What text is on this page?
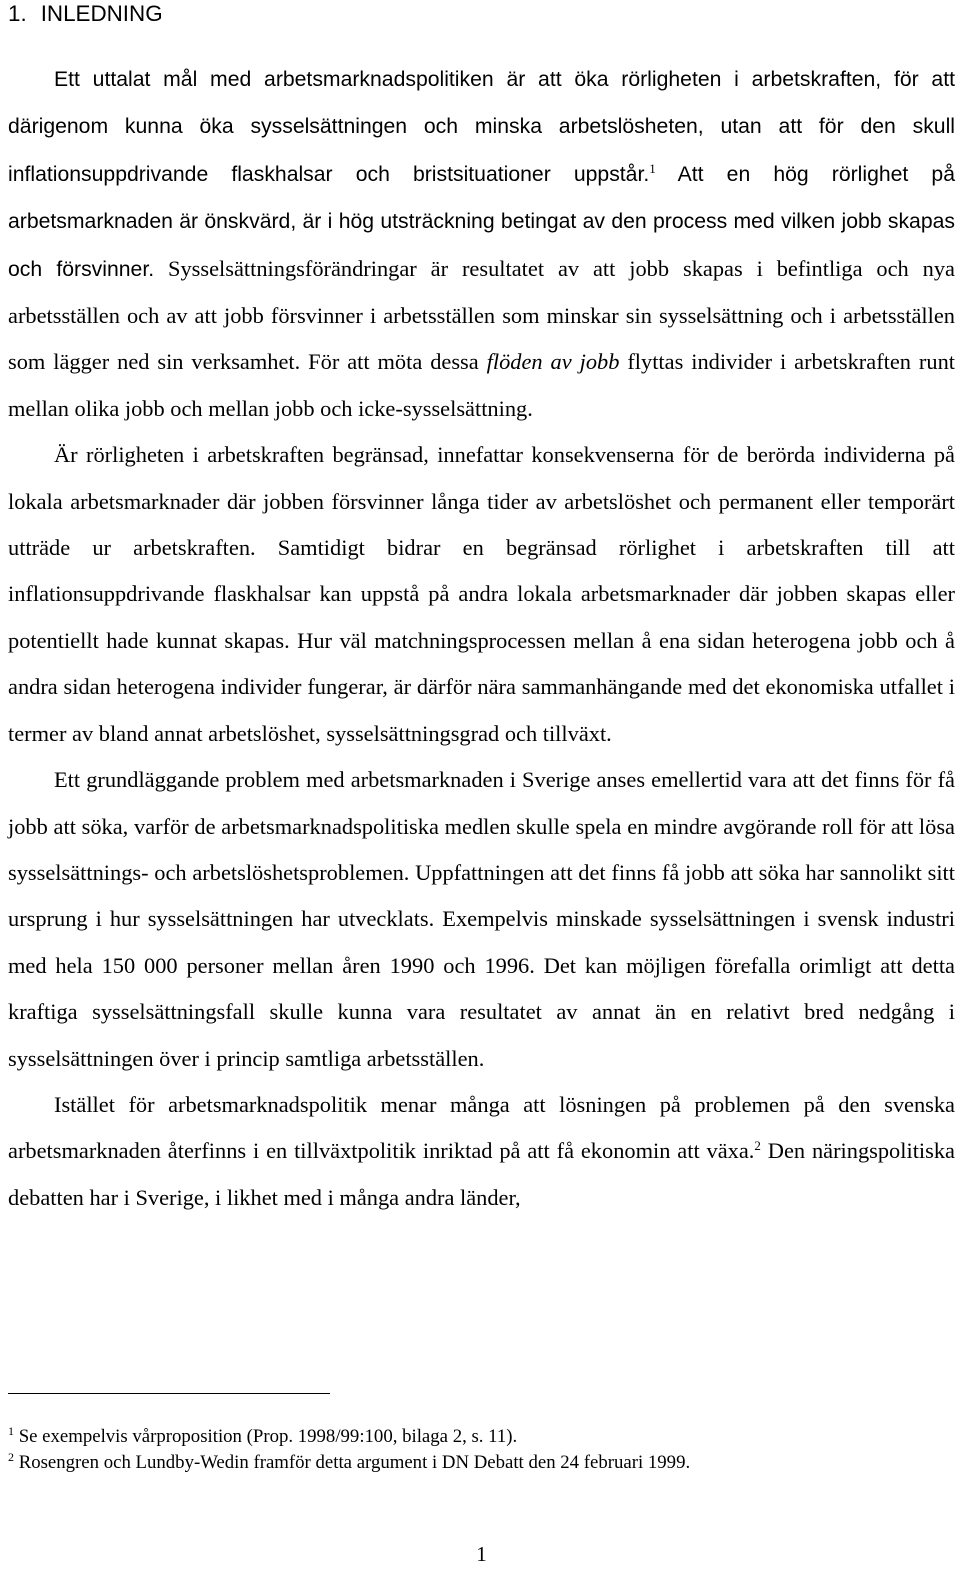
1. INLEDNING

Ett uttalat mål med arbetsmarknadspolitiken är att öka rörligheten i arbetskraften, för att därigenom kunna öka sysselsättningen och minska arbetslösheten, utan att för den skull inflationsuppdrivande flaskhalsar och bristsituationer uppstår.$^1$ Att en hög rörlighet på arbetsmarknaden är önskvärd, är i hög utsträckning betingat av den process med vilken jobb skapas och försvinner. Sysselsättningsförändringar är resultatet av att jobb skapas i befintliga och nya arbetsställen och av att jobb försvinner i arbetsställen som minskar sin sysselsättning och i arbetsställen som lägger ned sin verksamhet. För att möta dessa flöden av jobb flyttas individer i arbetskraften runt mellan olika jobb och mellan jobb och icke-sysselsättning.

Är rörligheten i arbetskraften begränsad, innefattar konsekvenserna för de berörda individerna på lokala arbetsmarknader där jobben försvinner långa tider av arbetslöshet och permanent eller temporärt utträde ur arbetskraften. Samtidigt bidrar en begränsad rörlighet i arbetskraften till att inflationsuppdrivande flaskhalsar kan uppstå på andra lokala arbetsmarknader där jobben skapas eller potentiellt hade kunnat skapas. Hur väl matchningsprocessen mellan å ena sidan heterogena jobb och å andra sidan heterogena individer fungerar, är därför nära sammanhängande med det ekonomiska utfallet i termer av bland annat arbetslöshet, sysselsättningsgrad och tillväxt.

Ett grundläggande problem med arbetsmarknaden i Sverige anses emellertid vara att det finns för få jobb att söka, varför de arbetsmarknadspolitiska medlen skulle spela en mindre avgörande roll för att lösa sysselsättnings- och arbetslöshetsproblemen. Uppfattningen att det finns få jobb att söka har sannolikt sitt ursprung i hur sysselsättningen har utvecklats. Exempelvis minskade sysselsättningen i svensk industri med hela 150 000 personer mellan åren 1990 och 1996. Det kan möjligen förefalla orimligt att detta kraftiga sysselsättningsfall skulle kunna vara resultatet av annat än en relativt bred nedgång i sysselsättningen över i princip samtliga arbetsställen.

Istället för arbetsmarknadspolitik menar många att lösningen på problemen på den svenska arbetsmarknaden återfinns i en tillväxtpolitik inriktad på att få ekonomin att växa.$^2$ Den näringspolitiska debatten har i Sverige, i likhet med i många andra länder,

$^1$ Se exempelvis vårproposition (Prop. 1998/99:100, bilaga 2, s. 11).

$^2$ Rosengren och Lundby-Wedin framför detta argument i DN Debatt den 24 februari 1999.

1
